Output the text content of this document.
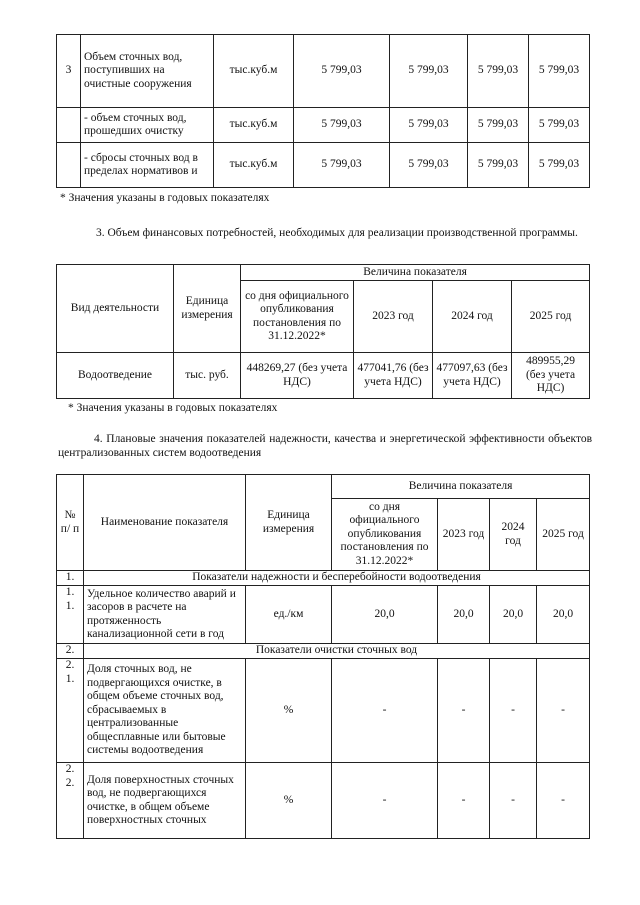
3	Объем сточных вод, поступивших на очистные сооружения	тыс.куб.м	5 799,03	5 799,03	5 799,03	5 799,03
	- объем сточных вод, прошедших очистку	тыс.куб.м	5 799,03	5 799,03	5 799,03	5 799,03
	- сбросы сточных вод в пределах нормативов и	тыс.куб.м	5 799,03	5 799,03	5 799,03	5 799,03
* Значения указаны в годовых показателях
3. Объем финансовых потребностей, необходимых для реализации производственной программы.
Вид деятельности	Единица измерения	Величина показателя			
		со дня официального опубликования постановления по 31.12.2022*	2023 год	2024 год	2025 год
Водоотведение	тыс. руб.	448269,27 (без учета НДС)	477041,76 (без учета НДС)	477097,63 (без учета НДС)	489955,29 (без учета НДС)
* Значения указаны в годовых показателях
4. Плановые значения показателей надежности, качества и энергетической эффективности объектов централизованных систем водоотведения
№ п/ п	Наименование показателя	Единица измерения	Величина показателя			
			со дня официального опубликования постановления по 31.12.2022*	2023 год	2024 год	2025 год
1.	Показатели надежности и бесперебойности водоотведения					
1. 1.	Удельное количество аварий и засоров в расчете на протяженность канализационной сети в год	ед./км	20,0	20,0	20,0	20,0
2.	Показатели очистки сточных вод					
2. 1.	Доля сточных вод, не подвергающихся очистке, в общем объеме сточных вод, сбрасываемых в централизованные общесплавные или бытовые системы водоотведения	%	-	-	-	-
2. 2.	Доля поверхностных сточных вод, не подвергающихся очистке, в общем объеме поверхностных сточных	%	-	-	-	-
